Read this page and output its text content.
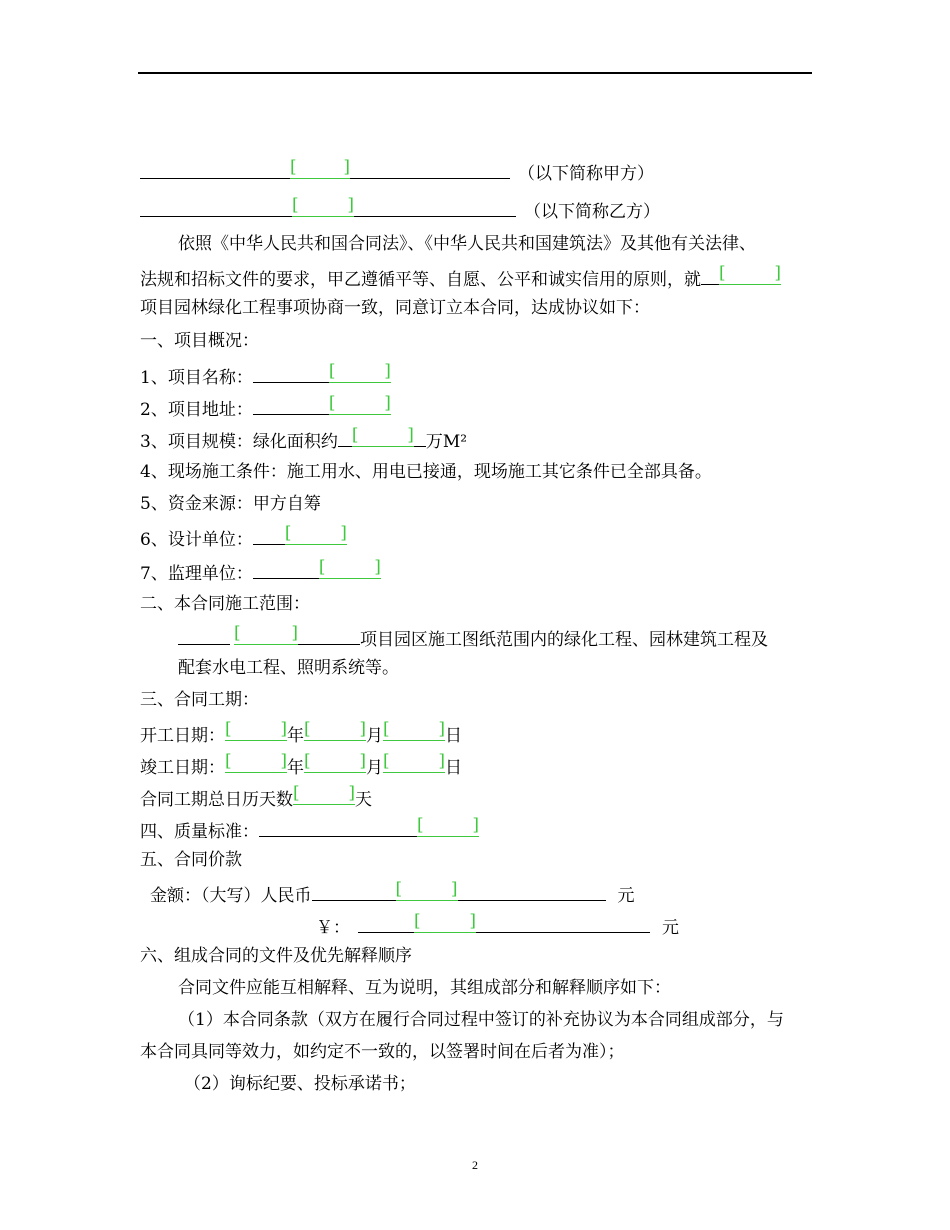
[	]	（以下简称甲方）
[	]	（以下简称乙方）
依照《中华人民共和国合同法》、《中华人民共和国建筑法》及其他有关法律、
法规和招标文件的要求，甲乙遵循平等、自愿、公平和诚实信用的原则，就 [	]
项目园林绿化工程事项协商一致，同意订立本合同，达成协议如下：
一、项目概况：
1、项目名称：	[	]
2、项目地址：	[	]
3、项目规模：绿化面积约 [	] 万M²
4、现场施工条件：施工用水、用电已接通，现场施工其它条件已全部具备。
5、资金来源：甲方自筹
6、设计单位： [	]
7、监理单位：	[	]
二、本合同施工范围：
[	]	项目园区施工图纸范围内的绿化工程、园林建筑工程及
配套水电工程、照明系统等。
三、合同工期：
开工日期： [	] 年 [	] 月 [	] 日
竣工日期： [	] 年 [	] 月 [	] 日
合同工期总日历天数 [	] 天
四、质量标准：	[	]
五、合同价款
金额：（大写）人民币	[	]	元
￥：	[	]	元
六、组成合同的文件及优先解释顺序
合同文件应能互相解释、互为说明，其组成部分和解释顺序如下：
（1）本合同条款（双方在履行合同过程中签订的补充协议为本合同组成部分，与
本合同具同等效力，如约定不一致的，以签署时间在后者为准）；
（2）询标纪要、投标承诺书；
2
